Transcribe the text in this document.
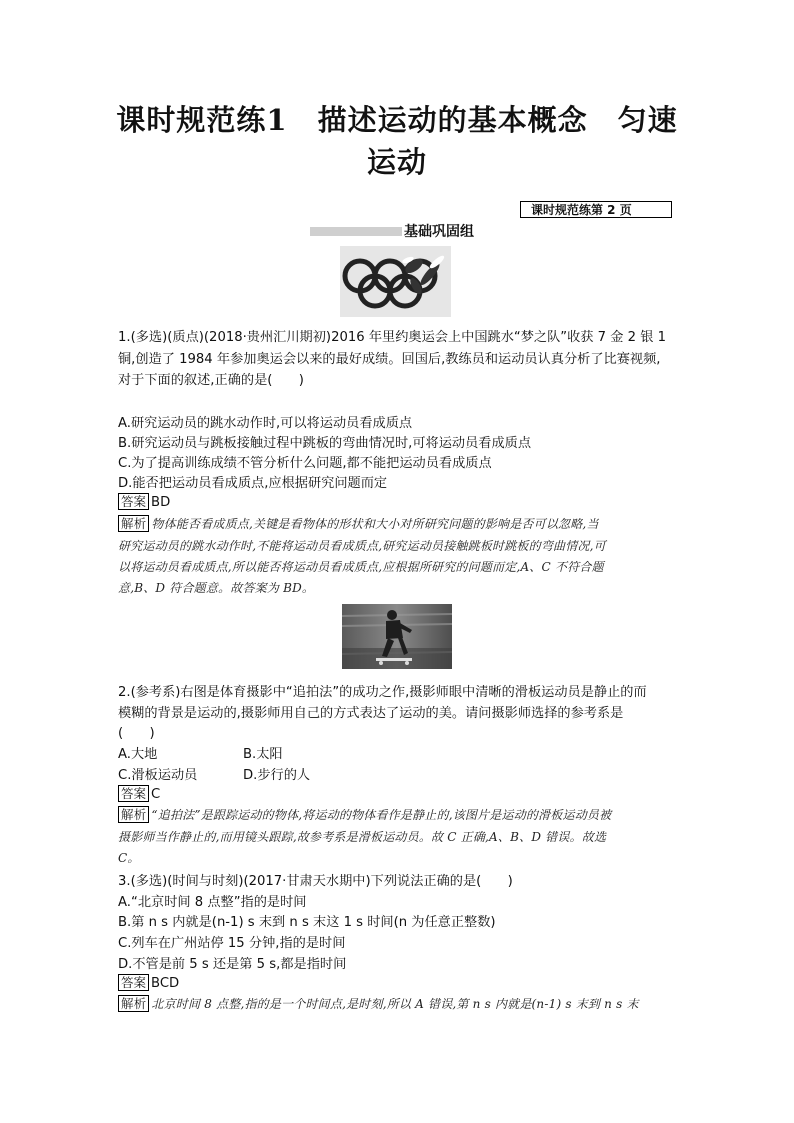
课时规范练1　描述运动的基本概念　匀速
运动
课时规范练第 2 页
基础巩固组
1.(多选)(质点)(2018·贵州汇川期初)2016 年里约奥运会上中国跳水“梦之队”收获 7 金 2 银 1
铜,创造了 1984 年参加奥运会以来的最好成绩。回国后,教练员和运动员认真分析了比赛视频,
对于下面的叙述,正确的是(　　)
A.研究运动员的跳水动作时,可以将运动员看成质点
B.研究运动员与跳板接触过程中跳板的弯曲情况时,可将运动员看成质点
C.为了提高训练成绩不管分析什么问题,都不能把运动员看成质点
D.能否把运动员看成质点,应根据研究问题而定
答案 BD
解析 物体能否看成质点,关键是看物体的形状和大小对所研究问题的影响是否可以忽略,当
研究运动员的跳水动作时,不能将运动员看成质点,研究运动员接触跳板时跳板的弯曲情况,可
以将运动员看成质点,所以能否将运动员看成质点,应根据所研究的问题而定,A、C 不符合题
意,B、D 符合题意。故答案为 BD。
2.(参考系)右图是体育摄影中“追拍法”的成功之作,摄影师眼中清晰的滑板运动员是静止的而
模糊的背景是运动的,摄影师用自己的方式表达了运动的美。请问摄影师选择的参考系是
(　　)
A.大地	B.太阳
C.滑板运动员	D.步行的人
答案 C
解析 “追拍法”是跟踪运动的物体,将运动的物体看作是静止的,该图片是运动的滑板运动员被
摄影师当作静止的,而用镜头跟踪,故参考系是滑板运动员。故 C 正确,A、B、D 错误。故选
C。
3.(多选)(时间与时刻)(2017·甘肃天水期中)下列说法正确的是(　　)
A.“北京时间 8 点整”指的是时间
B.第 n s 内就是(n-1) s 末到 n s 末这 1 s 时间(n 为任意正整数)
C.列车在广州站停 15 分钟,指的是时间
D.不管是前 5 s 还是第 5 s,都是指时间
答案 BCD
解析 北京时间 8 点整,指的是一个时间点,是时刻,所以 A 错误,第 n s 内就是(n-1) s 末到 n s 末
